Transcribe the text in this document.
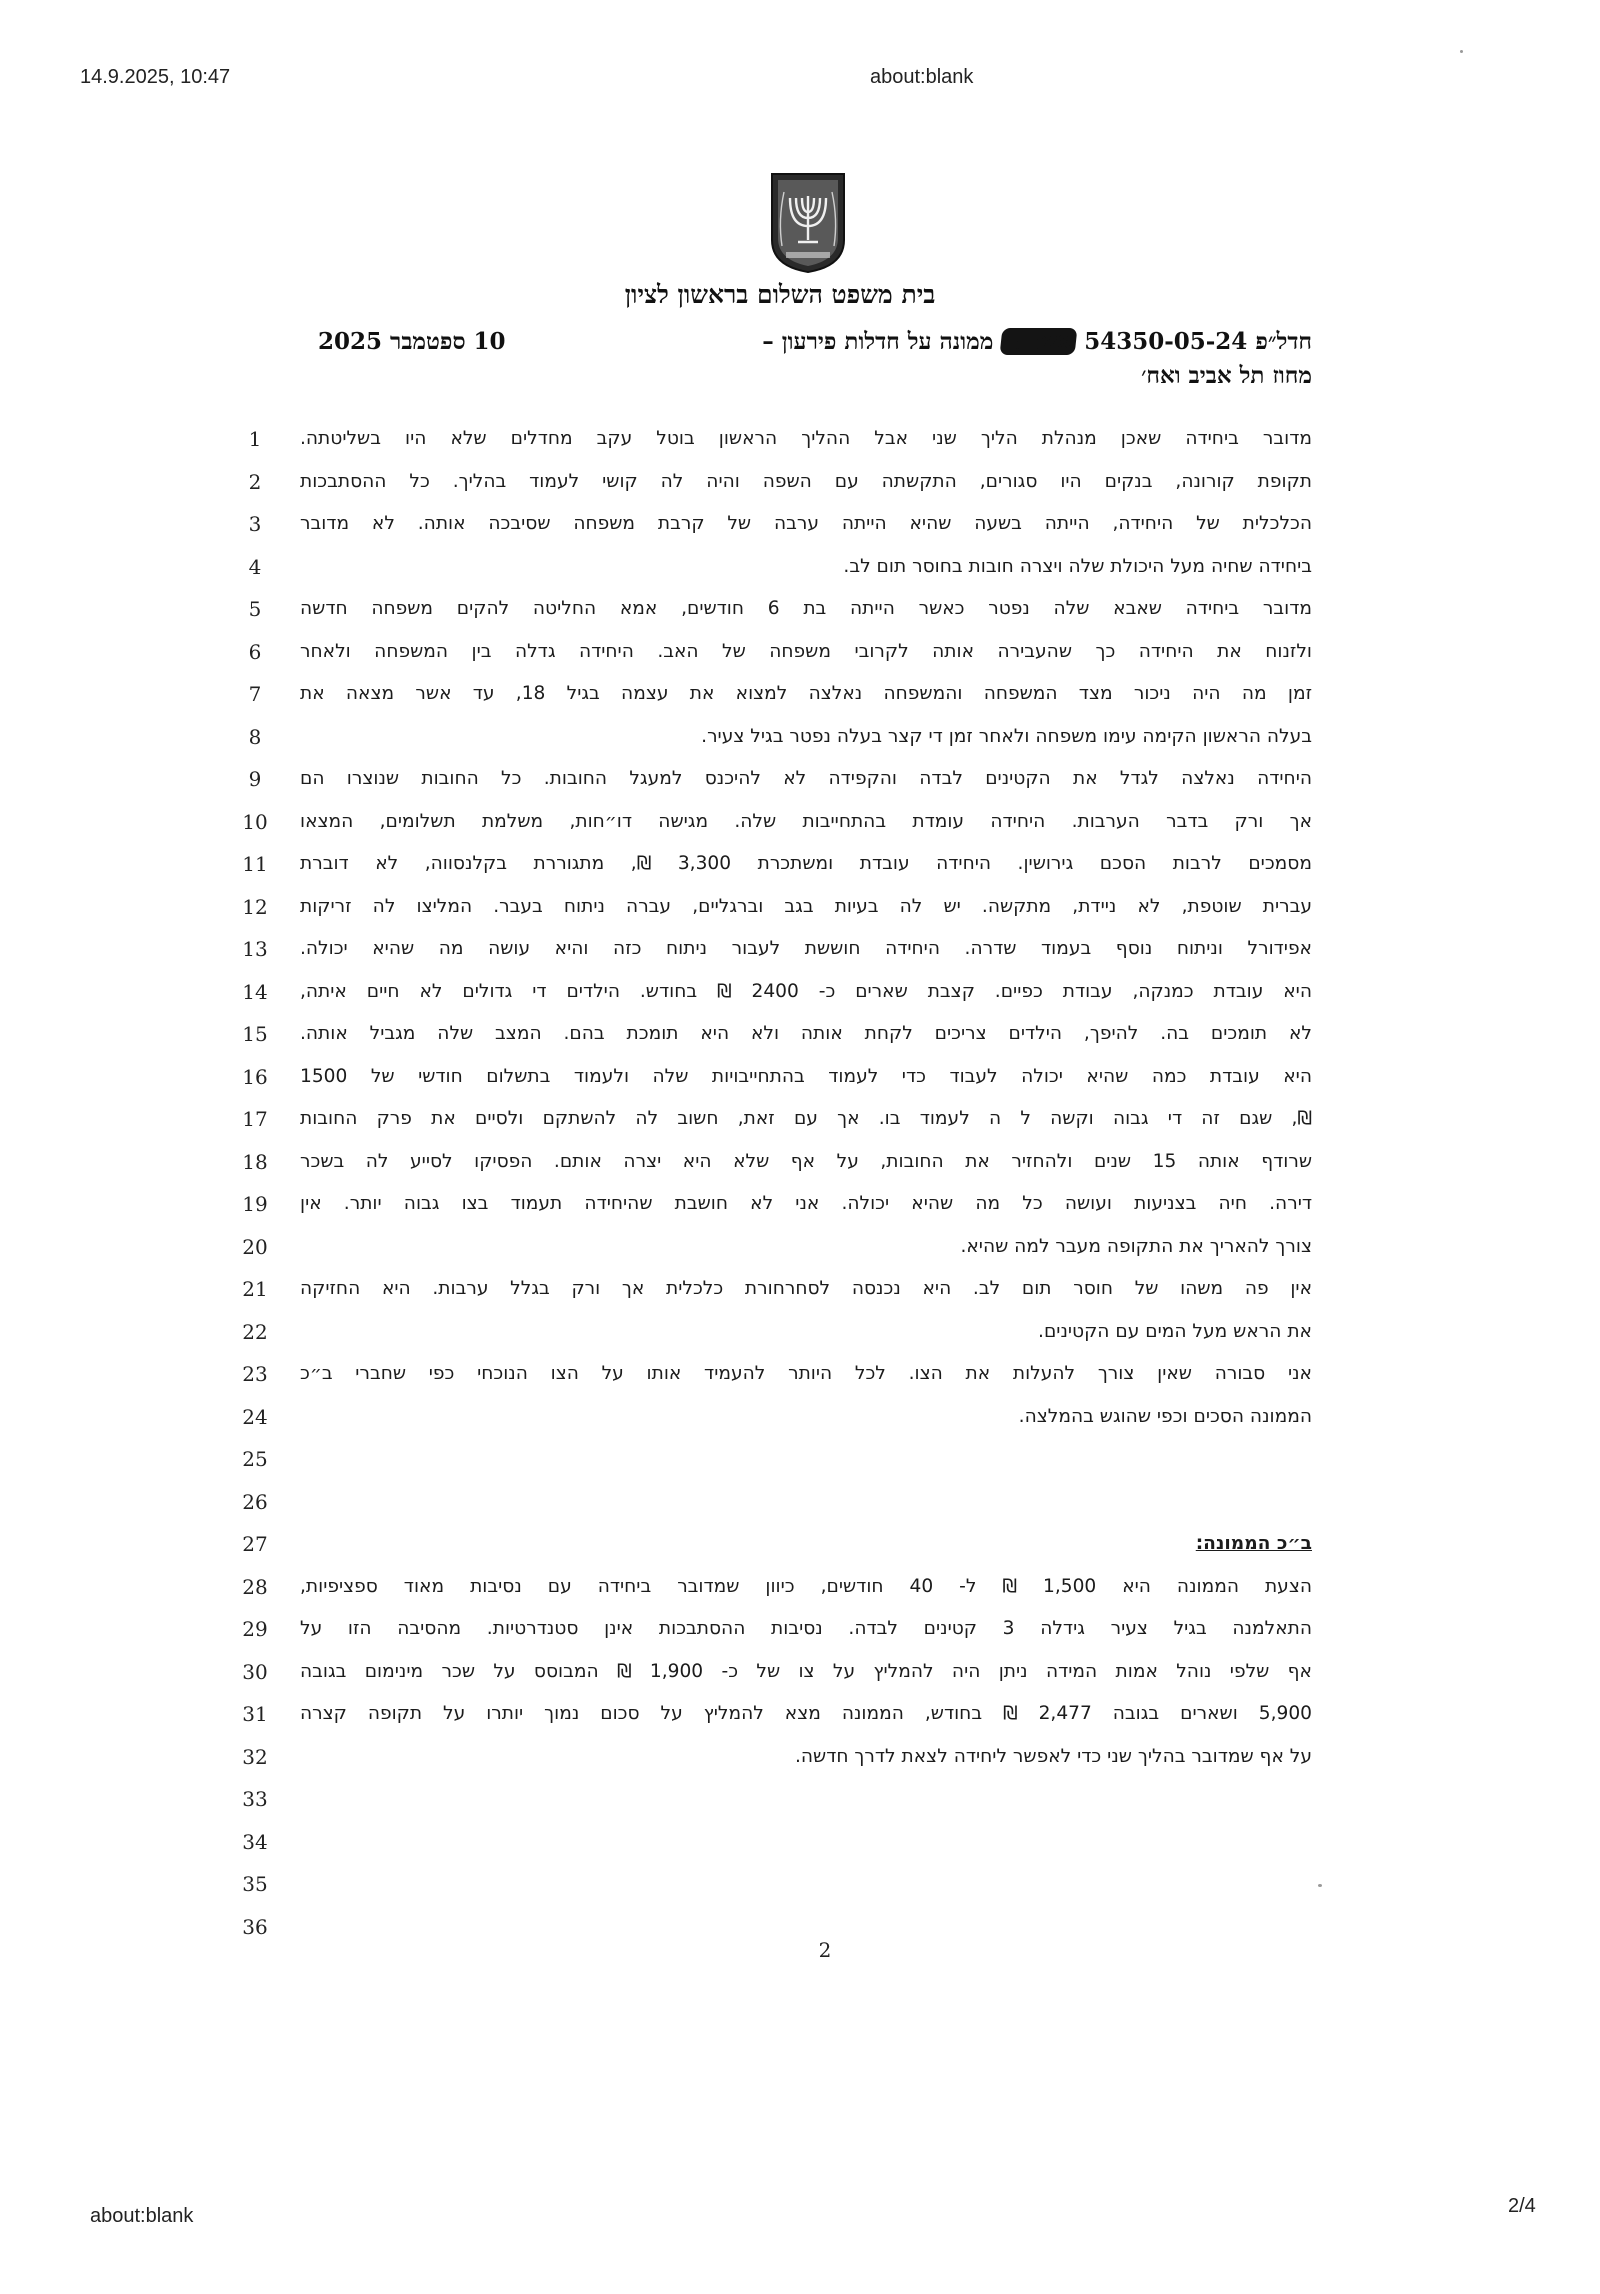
14.9.2025, 10:47	about:blank
בית משפט השלום בראשון לציון
חדל״פ 54350-05-24 אשר ד׳ ממונה על חדלות פירעון –
מחוז תל אביב ואח׳
10 ספטמבר 2025
1
2
3
4
5
6
7
8
9
10
11
12
13
14
15
16
17
18
19
20
21
22
23
24
25
26
27
28
29
30
31
32
33
34
35
36
מדובר ביחידה שאכן מנהלת הליך שני אבל ההליך הראשון בוטל עקב מחדלים שלא היו בשליטתה.
תקופת קורונה, בנקים היו סגורים, התקשתה עם השפה והיה לה קושי לעמוד בהליך. כל ההסתבכות
הכלכלית של היחידה, הייתה בשעה שהיא הייתה ערבה של קרבת משפחה שסיבכה אותה. לא מדובר
ביחידה שחיה מעל היכולת שלה ויצרה חובות בחוסר תום לב.
מדובר ביחידה שאבא שלה נפטר כאשר הייתה בת 6 חודשים, אמא החליטה להקים משפחה חדשה
ולזנוח את היחידה כך שהעבירה אותה לקרובי משפחה של האב. היחידה גדלה בין המשפחה ולאחר
זמן מה היה ניכור מצד המשפחה והמשפחה נאלצה למצוא את עצמה בגיל 18, עד אשר מצאה את
בעלה הראשון הקימה עימו משפחה ולאחר זמן די קצר בעלה נפטר בגיל צעיר.
היחידה נאלצה לגדל את הקטינים לבדה והקפידה לא להיכנס למעגל החובות. כל החובות שנוצרו הם
אך ורק בדבר הערבות. היחידה עומדת בהתחייבות שלה. מגישה דו״חות, משלמת תשלומים, המצאו
מסמכים לרבות הסכם גירושין. היחידה עובדת ומשתכרת 3,300 ₪, מתגוררת בקלנסווה, לא דוברת
עברית שוטפת, לא ניידת, מתקשה. יש לה בעיות בגב וברגליים, עברה ניתוח בעבר. המליצו לה זריקות
אפידורל וניתוח נוסף בעמוד שדרה. היחידה חוששת לעבור ניתוח כזה והיא עושה מה שהיא יכולה.
היא עובדת כמנקה, עבודת כפיים. קצבת שארים כ- 2400 ₪ בחודש. הילדים די גדולים לא חיים איתה,
לא תומכים בה. להיפך, הילדים צריכים לקחת אותה ולא היא תומכת בהם. המצב שלה מגביל אותה.
היא עובדת כמה שהיא יכולה לעבוד כדי לעמוד בהתחייבויות שלה ולעמוד בתשלום חודשי של 1500
₪, שגם זה די גבוה וקשה ל ה לעמוד בו. אך עם זאת, חשוב לה להשתקם ולסיים את פרק החובות
שרודף אותה 15 שנים ולהחזיר את החובות, על אף שלא היא יצרה אותם. הפסיקו לסייע לה בשכר
דירה. חיה בצניעות ועושה כל מה שהיא יכולה. אני לא חושבת שהיחידה תעמוד בצו גבוה יותר. אין
צורך להאריך את התקופה מעבר למה שהיא.
אין פה משהו של חוסר תום לב. היא נכנסה לסחרחורת כלכלית אך ורק בגלל ערבות. היא החזיקה
את הראש מעל המים עם הקטינים.
אני סבורה שאין צורך להעלות את הצו. לכל היותר להעמיד אותו על הצו הנוכחי כפי שחברי ב״כ
הממונה הסכים וכפי שהוגש בהמלצה.
ב״כ הממונה:
הצעת הממונה היא 1,500 ₪ ל- 40 חודשים, כיוון שמדובר ביחידה עם נסיבות מאוד ספציפיות,
התאלמנה בגיל צעיר גידלה 3 קטינים לבדה. נסיבות ההסתבכות אינן סטנדרטיות. מהסיבה הזו על
אף שלפי נוהל אמות המידה ניתן היה להמליץ על צו של כ- 1,900 ₪ המבוסס על שכר מינימום בגובה
5,900 ושארים בגובה 2,477 ₪ בחודש, הממונה מצא להמליץ על סכום נמוך יותרו על תקופה קצרה
על אף שמדובר בהליך שני כדי לאפשר ליחידה לצאת לדרך חדשה.
2
about:blank	2/4
